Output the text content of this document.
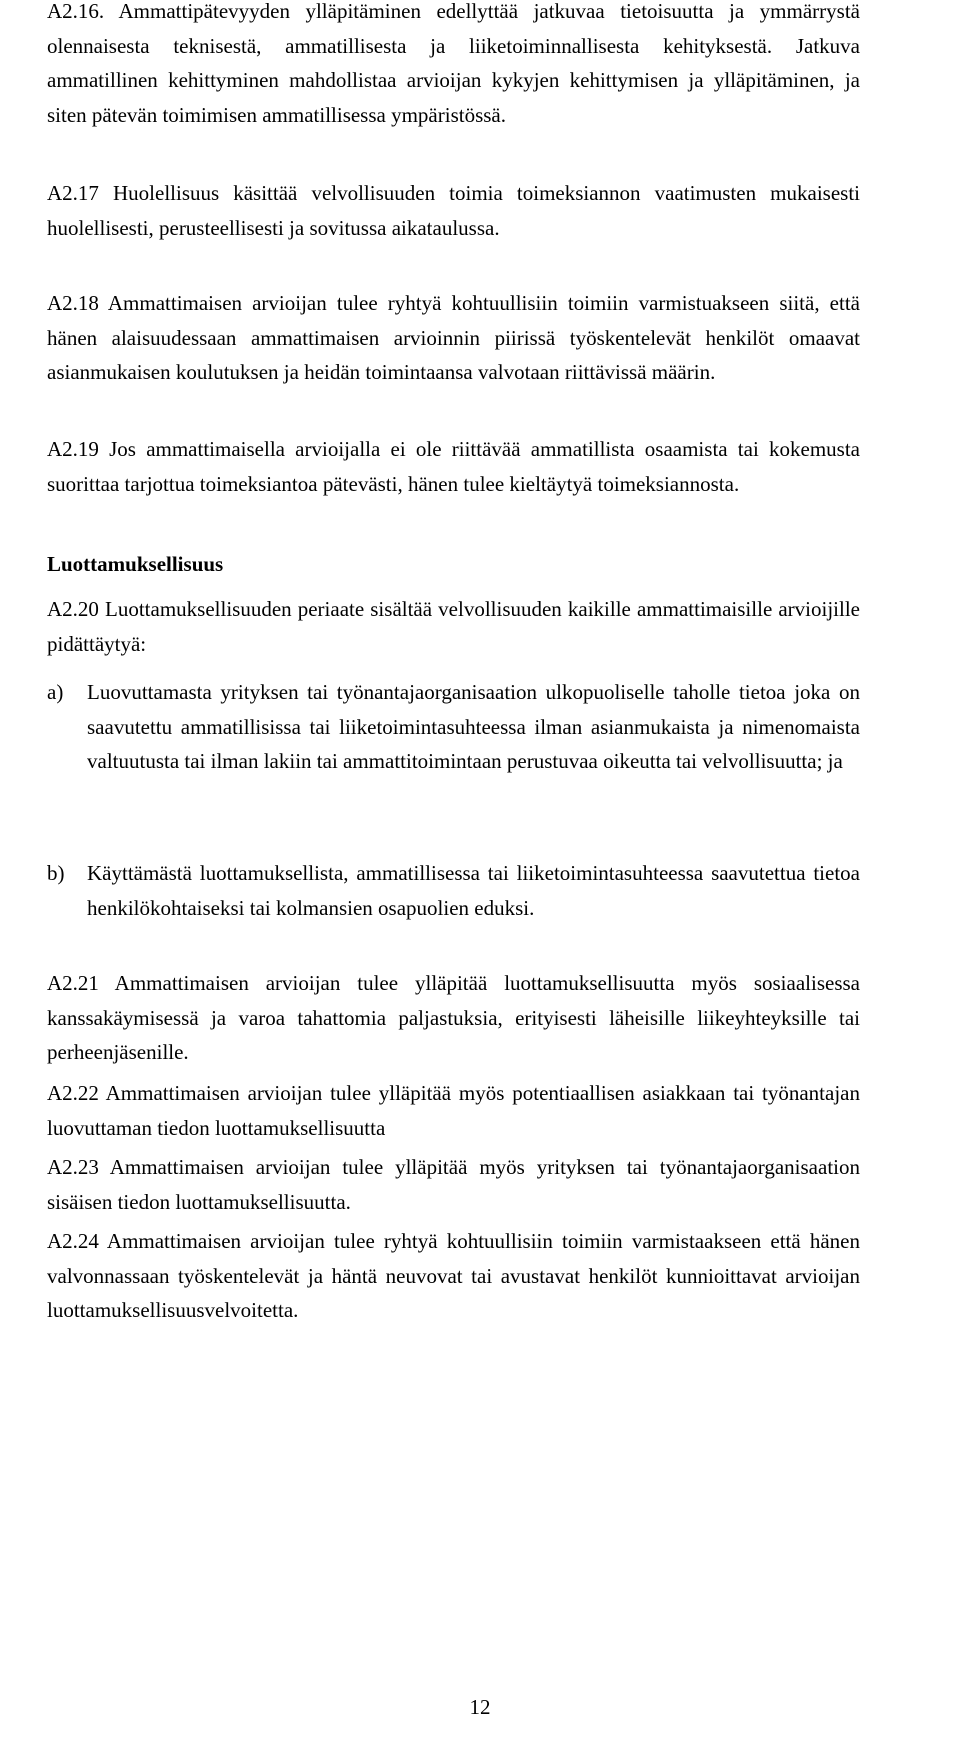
A2.16. Ammattipätevyyden ylläpitäminen edellyttää jatkuvaa tietoisuutta ja ymmärrystä olennaisesta teknisestä, ammatillisesta ja liiketoiminnallisesta kehityksestä. Jatkuva ammatillinen kehittyminen mahdollistaa arvioijan kykyjen kehittymisen ja ylläpitäminen, ja siten pätevän toimimisen ammatillisessa ympäristössä.

A2.17 Huolellisuus käsittää velvollisuuden toimia toimeksiannon vaatimusten mukaisesti huolellisesti, perusteellisesti ja sovitussa aikataulussa.

A2.18 Ammattimaisen arvioijan tulee ryhtyä kohtuullisiin toimiin varmistuakseen siitä, että hänen alaisuudessaan ammattimaisen arvioinnin piirissä työskentelevät henkilöt omaavat asianmukaisen koulutuksen ja heidän toimintaansa valvotaan riittävissä määrin.

A2.19 Jos ammattimaisella arvioijalla ei ole riittävää ammatillista osaamista tai kokemusta suorittaa tarjottua toimeksiantoa pätevästi, hänen tulee kieltäytyä toimeksiannosta.

Luottamuksellisuus

A2.20 Luottamuksellisuuden periaate sisältää velvollisuuden kaikille ammattimaisille arvioijille pidättäytyä:

a)	Luovuttamasta yrityksen tai työnantajaorganisaation ulkopuoliselle taholle tietoa joka on saavutettu ammatillisissa tai liiketoimintasuhteessa ilman asianmukaista ja nimenomaista valtuutusta tai ilman lakiin tai ammattitoimintaan perustuvaa oikeutta tai velvollisuutta; ja
b)	Käyttämästä luottamuksellista, ammatillisessa tai liiketoimintasuhteessa saavutettua tietoa henkilökohtaiseksi tai kolmansien osapuolien eduksi.

A2.21 Ammattimaisen arvioijan tulee ylläpitää luottamuksellisuutta myös sosiaalisessa kanssakäymisessä ja varoa tahattomia paljastuksia, erityisesti läheisille liikeyhteyksille tai perheenjäsenille.

A2.22 Ammattimaisen arvioijan tulee ylläpitää myös potentiaallisen asiakkaan tai työnantajan luovuttaman tiedon luottamuksellisuutta

A2.23 Ammattimaisen arvioijan tulee ylläpitää myös yrityksen tai työnantajaorganisaation sisäisen tiedon luottamuksellisuutta.

A2.24 Ammattimaisen arvioijan tulee ryhtyä kohtuullisiin toimiin varmistaakseen että hänen valvonnassaan työskentelevät ja häntä neuvovat tai avustavat henkilöt kunnioittavat arvioijan luottamuksellisuusvelvoitetta.

12
